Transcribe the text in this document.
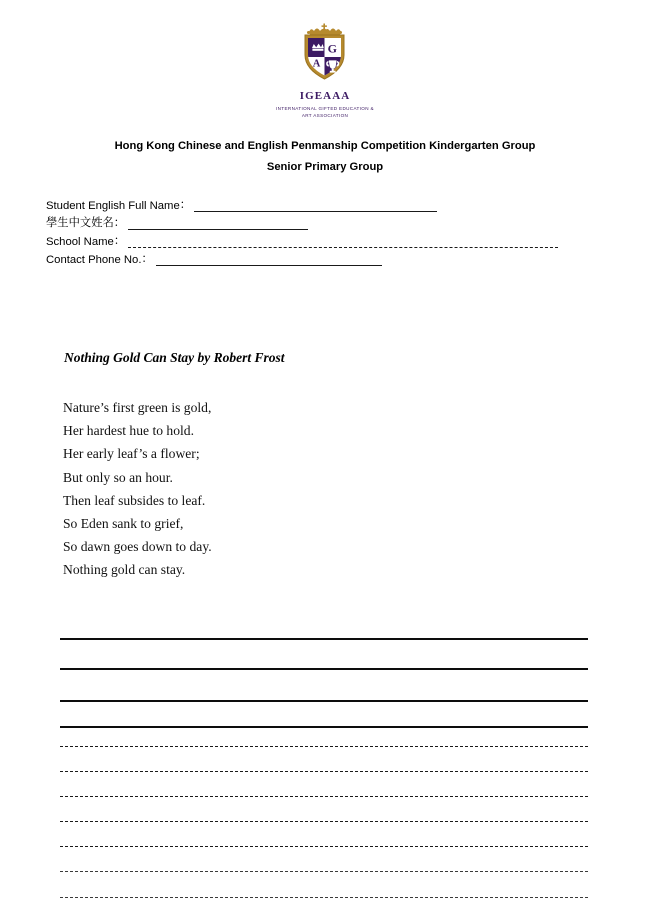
G
A
IGEAAA
INTERNATIONAL GIFTED EDUCATION &
ART ASSOCIATION
Hong Kong Chinese and English Penmanship Competition Kindergarten Group
Senior Primary Group
Student English Full Name ：
學生中文姓名 ：
School Name ：
Contact Phone No. ：
Nothing Gold Can Stay by Robert Frost
Nature’s first green is gold,
Her hardest hue to hold.
Her early leaf’s a flower;
But only so an hour.
Then leaf subsides to leaf.
So Eden sank to grief,
So dawn goes down to day.
Nothing gold can stay.
